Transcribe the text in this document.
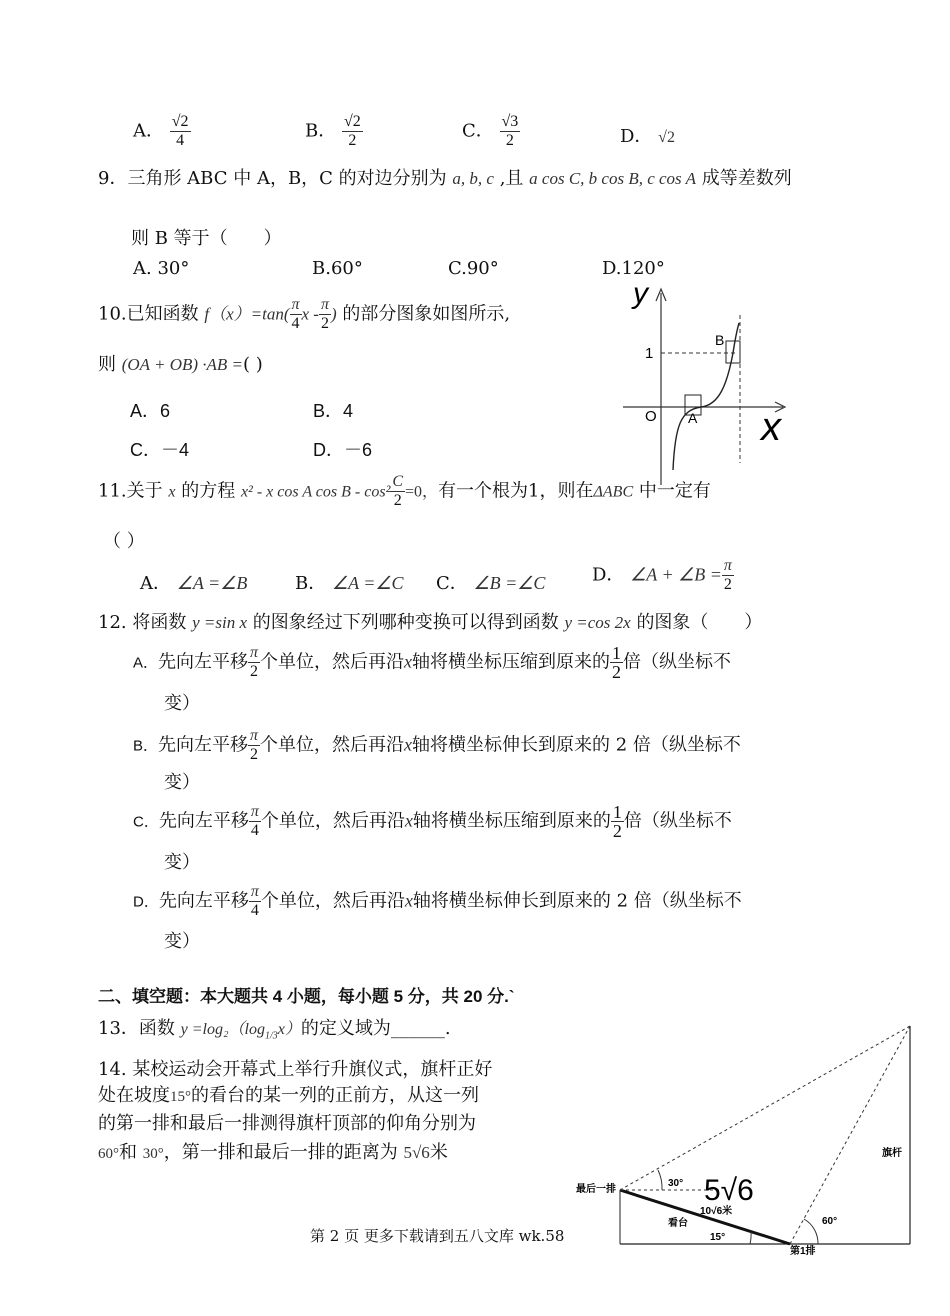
A． $\frac{√2}{4}$	B． $\frac{√2}{2}$	C． $\frac{√3}{2}$	D． √2
9．三角形 ABC 中 A，B，C 的对边分别为 a, b, c ,且 a cos C, b cos B, c cos A 成等差数列
则 B 等于（　　）
A. 30°	B.60°	C.90°	D.120°
10.已知函数 $f(x)=\tan( \frac{\pi}{4}$ x - $\frac{\pi}{2}$ ) 的部分图象如图所示,
则 (OA + OB) ·AB =( )
A．6	B．4
C．－4	D．－6
y
x
O
1
A
B
11.关于 x 的方程 x² - x cos A $\cos B - \cos^2 \frac{C}{2} =0$，有一个根为1，则在ΔABC 中一定有
（ ）
A． ∠A =∠B	B． ∠A =∠C C． ∠B =∠C	D． ∠A + ∠B = $\frac{\pi}{2}$
12. 将函数 y =sin x 的图象经过下列哪种变换可以得到函数 y =cos 2x 的图象（　　）
A．先向左平移 $\frac{\pi}{2}$ 个单位，然后再沿x轴将横坐标压缩到原来的 $\frac{1}{2}$ 倍（纵坐标不
变）
B．先向左平移 $\frac{\pi}{2}$ 个单位，然后再沿x轴将横坐标伸长到原来的 2 倍（纵坐标不
变）
C．先向左平移 $\frac{\pi}{4}$ 个单位，然后再沿x轴将横坐标压缩到原来的 $\frac{1}{2}$ 倍（纵坐标不
变）
D．先向左平移 $\frac{\pi}{4}$ 个单位，然后再沿x轴将横坐标伸长到原来的 2 倍（纵坐标不
变）
二、填空题：本大题共 4 小题，每小题 5 分，共 20 分.`
13．函数 $y =\log_2(\log_{1/3}x)$的定义域为______.
14. 某校运动会开幕式上举行升旗仪式，旗杆正好
处在坡度15°的看台的某一列的正前方，从这一列
的第一排和最后一排测得旗杆顶部的仰角分别为
60°和 30°，第一排和最后一排的距离为 5√6米
最后一排
第1排
看台
旗杆
30°
60°
15°
10√6米
5√6
第 2 页 更多下载请到五八文库 wk.58
